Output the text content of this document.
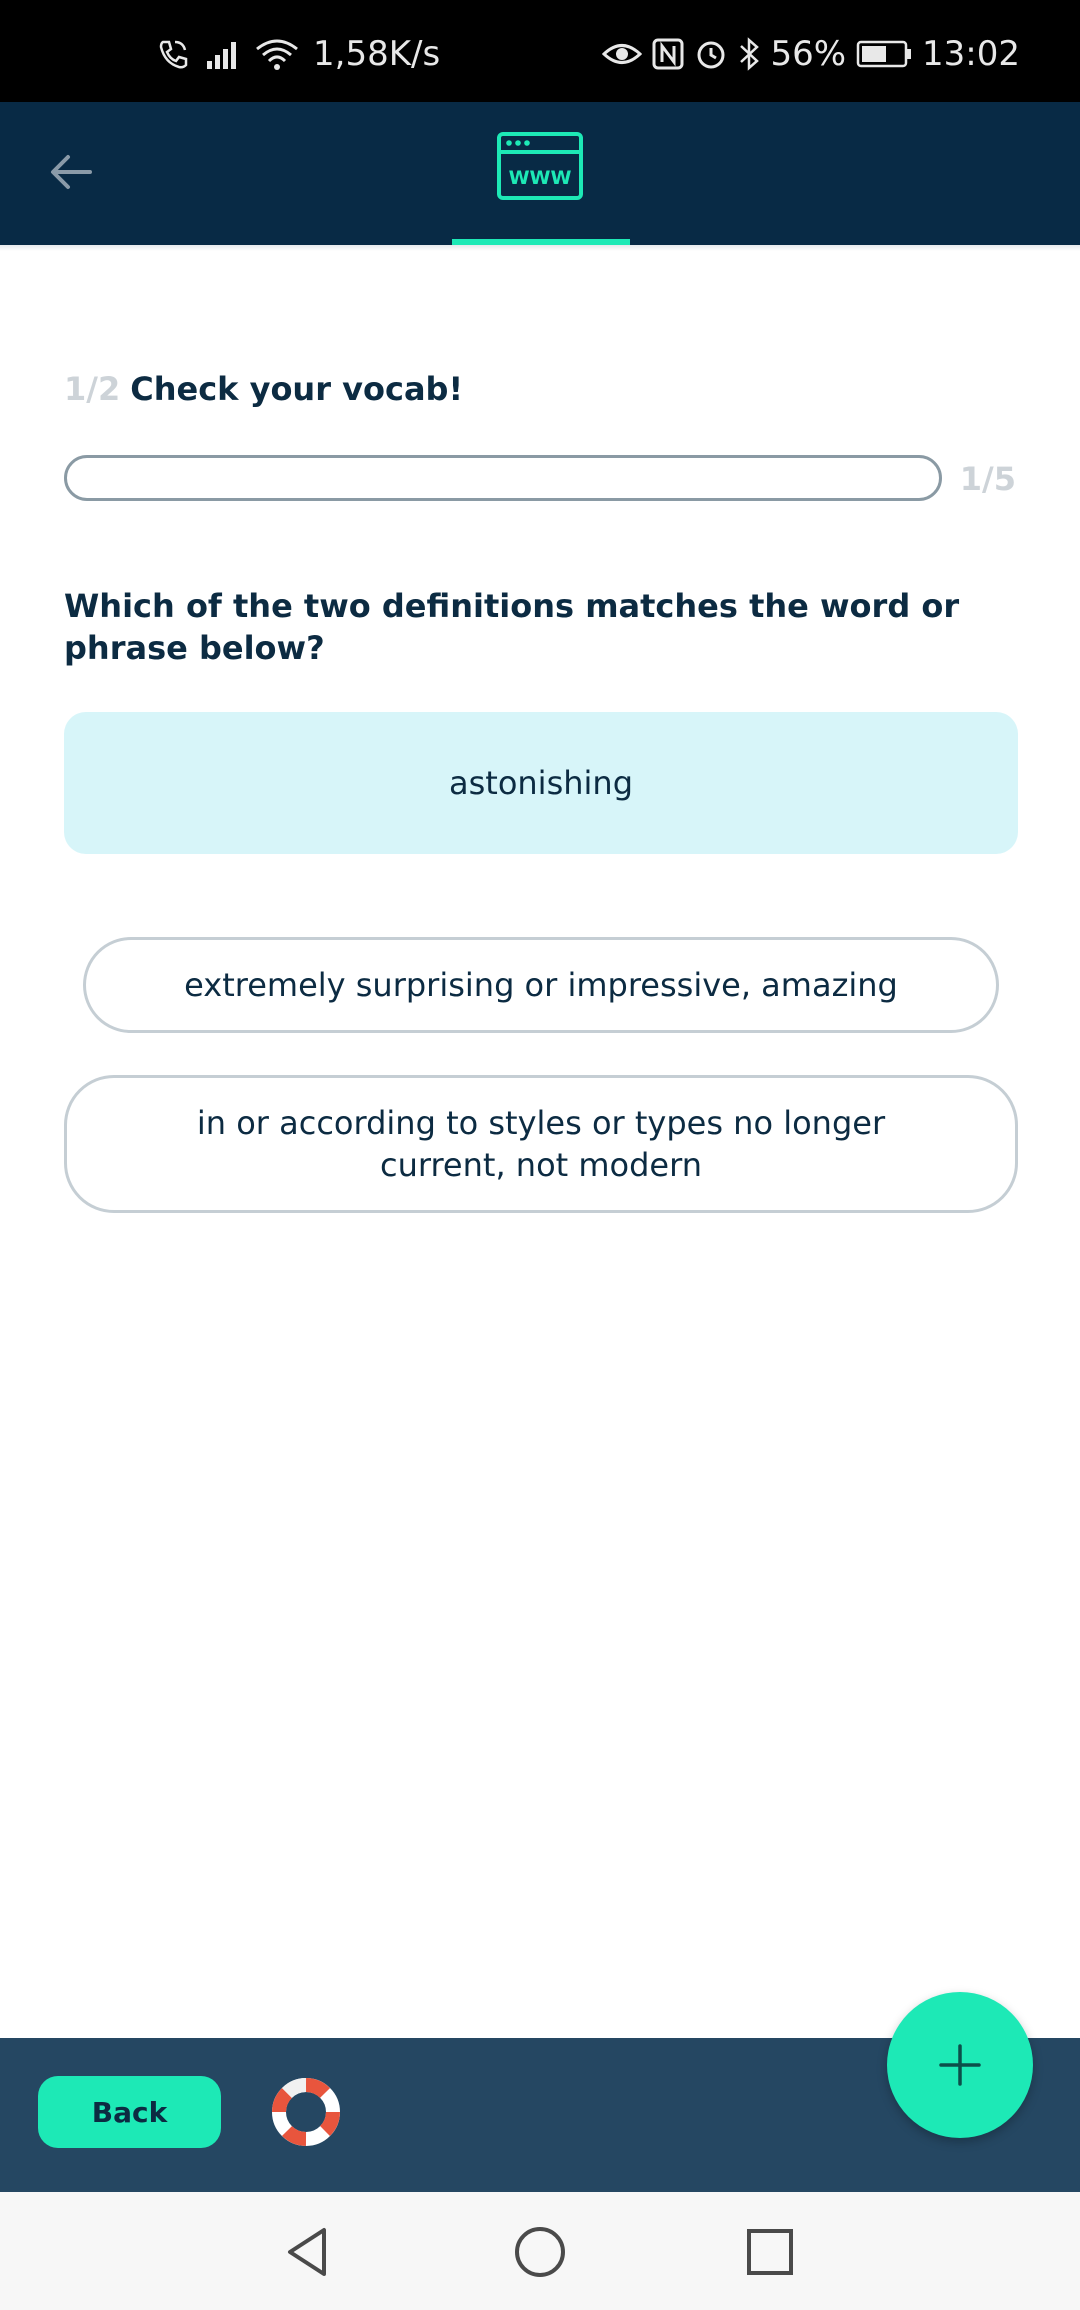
1,58K/s	56% 13:02
WWW
1/2 Check your vocab!
1/5
Which of the two definitions matches the word or phrase below?
astonishing
extremely surprising or impressive, amazing
in or according to styles or types no longer current, not modern
Back
